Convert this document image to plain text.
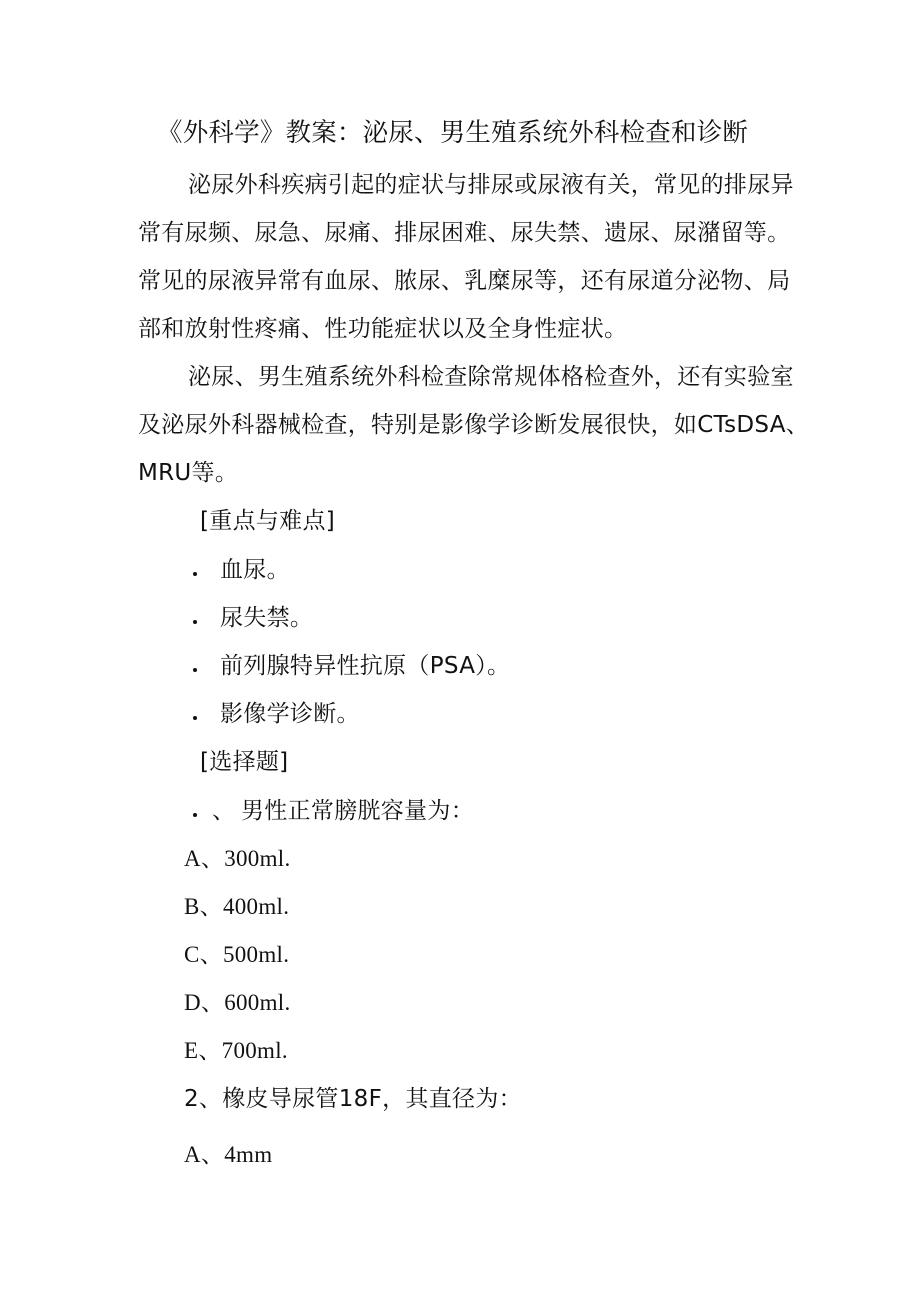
《外科学》教案：泌尿、男生殖系统外科检查和诊断
泌尿外科疾病引起的症状与排尿或尿液有关，常见的排尿异
常有尿频、尿急、尿痛、排尿困难、尿失禁、遗尿、尿潴留等。
常见的尿液异常有血尿、脓尿、乳糜尿等，还有尿道分泌物、局
部和放射性疼痛、性功能症状以及全身性症状。
泌尿、男生殖系统外科检查除常规体格检查外，还有实验室
及泌尿外科器械检查，特别是影像学诊断发展很快，如CTsDSA、
MRU等。
[重点与难点]
血尿。
尿失禁。
前列腺特异性抗原（PSA）。
影像学诊断。
[选择题]
、 男性正常膀胱容量为：
A、300ml.
B、400ml.
C、500ml.
D、600ml.
E、700ml.
2、橡皮导尿管18F，其直径为：
A、4mm
